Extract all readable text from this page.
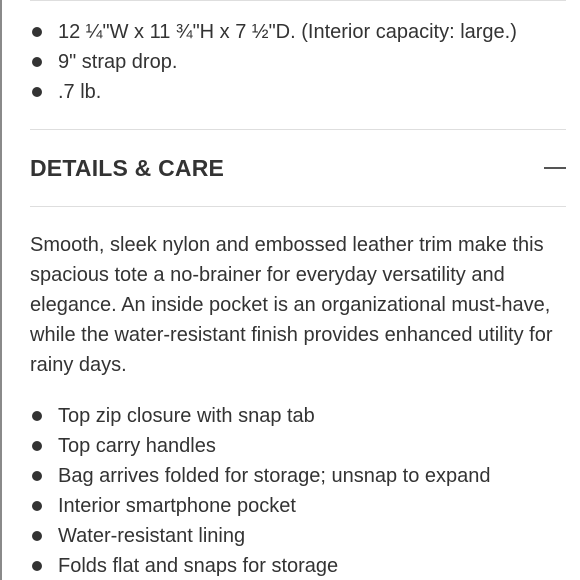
12 ¼"W x 11 ¾"H x 7 ½"D. (Interior capacity: large.)
9" strap drop.
.7 lb.
DETAILS & CARE

Smooth, sleek nylon and embossed leather trim make this spacious tote a no-brainer for everyday versatility and elegance. An inside pocket is an organizational must-have, while the water-resistant finish provides enhanced utility for rainy days.

Top zip closure with snap tab
Top carry handles
Bag arrives folded for storage; unsnap to expand
Interior smartphone pocket
Water-resistant lining
Folds flat and snaps for storage
